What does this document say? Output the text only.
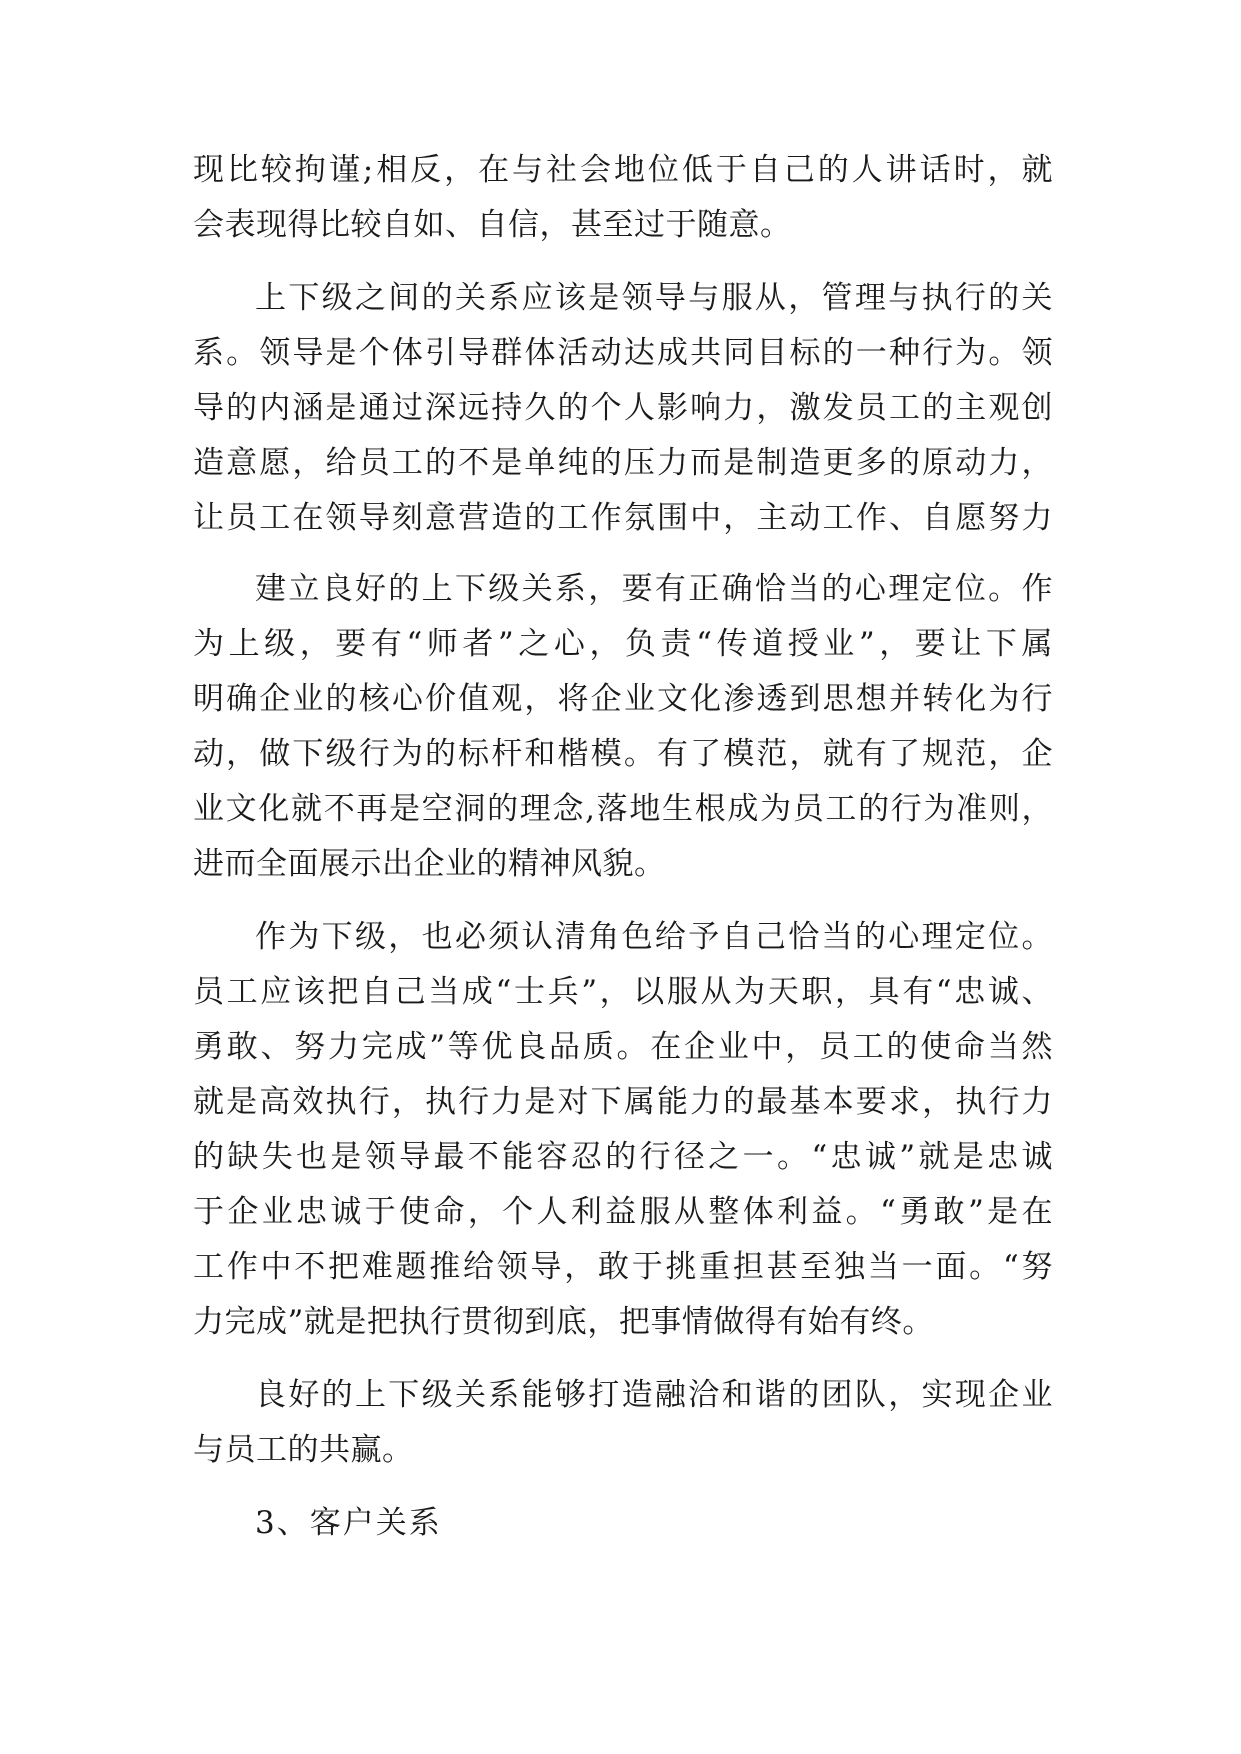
现比较拘谨;相反，在与社会地位低于自己的人讲话时，就
会表现得比较自如、自信，甚至过于随意。
上下级之间的关系应该是领导与服从，管理与执行的关
系。领导是个体引导群体活动达成共同目标的一种行为。领
导的内涵是通过深远持久的个人影响力，激发员工的主观创
造意愿，给员工的不是单纯的压力而是制造更多的原动力，
让员工在领导刻意营造的工作氛围中，主动工作、自愿努力
建立良好的上下级关系，要有正确恰当的心理定位。作
为上级，要有“师者”之心，负责“传道授业”，要让下属
明确企业的核心价值观，将企业文化渗透到思想并转化为行
动，做下级行为的标杆和楷模。有了模范，就有了规范，企
业文化就不再是空洞的理念,落地生根成为员工的行为准则，
进而全面展示出企业的精神风貌。
作为下级，也必须认清角色给予自己恰当的心理定位。
员工应该把自己当成“士兵”，以服从为天职，具有“忠诚、
勇敢、努力完成”等优良品质。在企业中，员工的使命当然
就是高效执行，执行力是对下属能力的最基本要求，执行力
的缺失也是领导最不能容忍的行径之一。“忠诚”就是忠诚
于企业忠诚于使命，个人利益服从整体利益。“勇敢”是在
工作中不把难题推给领导，敢于挑重担甚至独当一面。“努
力完成”就是把执行贯彻到底，把事情做得有始有终。
良好的上下级关系能够打造融洽和谐的团队，实现企业
与员工的共赢。
3、客户关系
